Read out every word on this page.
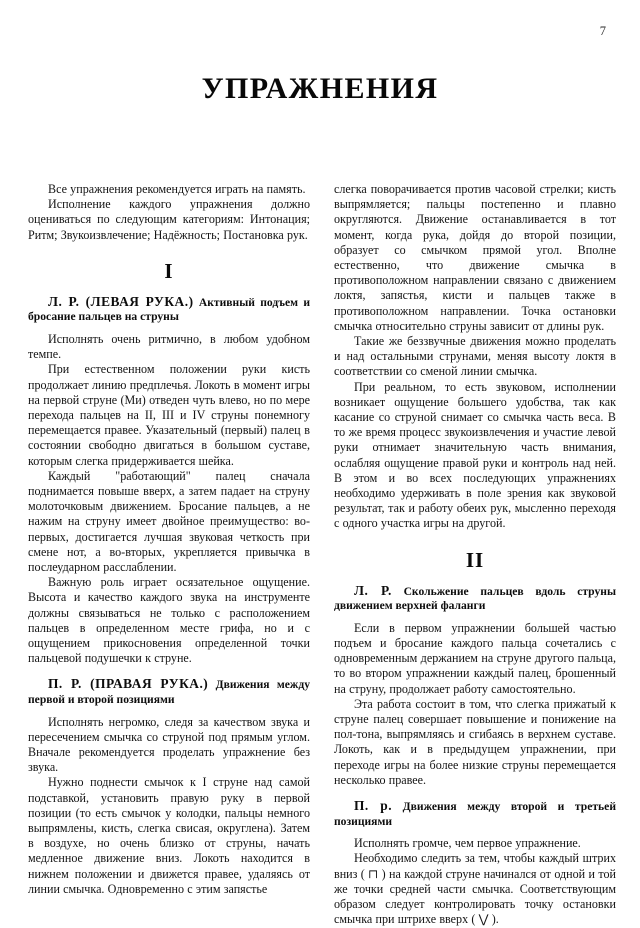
7
УПРАЖНЕНИЯ

Все упражнения рекомендуется играть на память.

Исполнение каждого упражнения должно оцениваться по следующим категориям: Интонация; Ритм; Звукоизвлечение; Надёжность; Постановка рук.

I

Л. Р. (ЛЕВАЯ РУКА.) Активный подъем и бросание пальцев на струны

Исполнять очень ритмично, в любом удобном темпе.

При естественном положении руки кисть продолжает линию предплечья. Локоть в момент игры на первой струне (Ми) отведен чуть влево, но по мере перехода пальцев на II, III и IV струны понемногу перемещается правее. Указательный (первый) палец в состоянии свободно двигаться в большом суставе, которым слегка придерживается шейка.

Каждый "работающий" палец сначала поднимается повыше вверх, а затем падает на струну молоточковым движением. Бросание пальцев, а не нажим на струну имеет двойное преимущество: во-первых, достигается лучшая звуковая четкость при смене нот, а во-вторых, укрепляется привычка в послеударном расслаблении.

Важную роль играет осязательное ощущение. Высота и качество каждого звука на инструменте должны связываться не только с расположением пальцев в определенном месте грифа, но и с ощущением прикосновения определенной точки пальцевой подушечки к струне.

П. Р. (ПРАВАЯ РУКА.) Движения между первой и второй позициями

Исполнять негромко, следя за качеством звука и пересечением смычка со струной под прямым углом. Вначале рекомендуется проделать упражнение без звука.

Нужно поднести смычок к I струне над самой подставкой, установить правую руку в первой позиции (то есть смычок у колодки, пальцы немного выпрямлены, кисть, слегка свисая, округлена). Затем в воздухе, но очень близко от струны, начать медленное движение вниз. Локоть находится в нижнем положении и движется правее, удаляясь от линии смычка. Одновременно с этим запястье

слегка поворачивается против часовой стрелки; кисть выпрямляется; пальцы постепенно и плавно округляются. Движение останавливается в тот момент, когда рука, дойдя до второй позиции, образует со смычком прямой угол. Вполне естественно, что движение смычка в противоположном направлении связано с движением локтя, запястья, кисти и пальцев также в противоположном направлении. Точка остановки смычка относительно струны зависит от длины рук.

Такие же беззвучные движения можно проделать и над остальными струнами, меняя высоту локтя в соответствии со сменой линии смычка.

При реальном, то есть звуковом, исполнении возникает ощущение большего удобства, так как касание со струной снимает со смычка часть веса. В то же время процесс звукоизвлечения и участие левой руки отнимает значительную часть внимания, ослабляя ощущение правой руки и контроль над ней. В этом и во всех последующих упражнениях необходимо удерживать в поле зрения как звуковой результат, так и работу обеих рук, мысленно переходя с одного участка игры на другой.

II

Л. Р. Скольжение пальцев вдоль струны движением верхней фаланги

Если в первом упражнении большей частью подъем и бросание каждого пальца сочетались с одновременным держанием на струне другого пальца, то во втором упражнении каждый палец, брошенный на струну, продолжает работу самостоятельно.

Эта работа состоит в том, что слегка прижатый к струне палец совершает повышение и понижение на пол-тона, выпрямляясь и сгибаясь в верхнем суставе. Локоть, как и в предыдущем упражнении, при переходе игры на более низкие струны перемещается несколько правее.

П. р. Движения между второй и третьей позициями

Исполнять громче, чем первое упражнение.

Необходимо следить за тем, чтобы каждый штрих вниз ( ⊓ ) на каждой струне начинался от одной и той же точки средней части смычка. Соответствующим образом следует контролировать точку остановки смычка при штрихе вверх ( ⋁ ).
